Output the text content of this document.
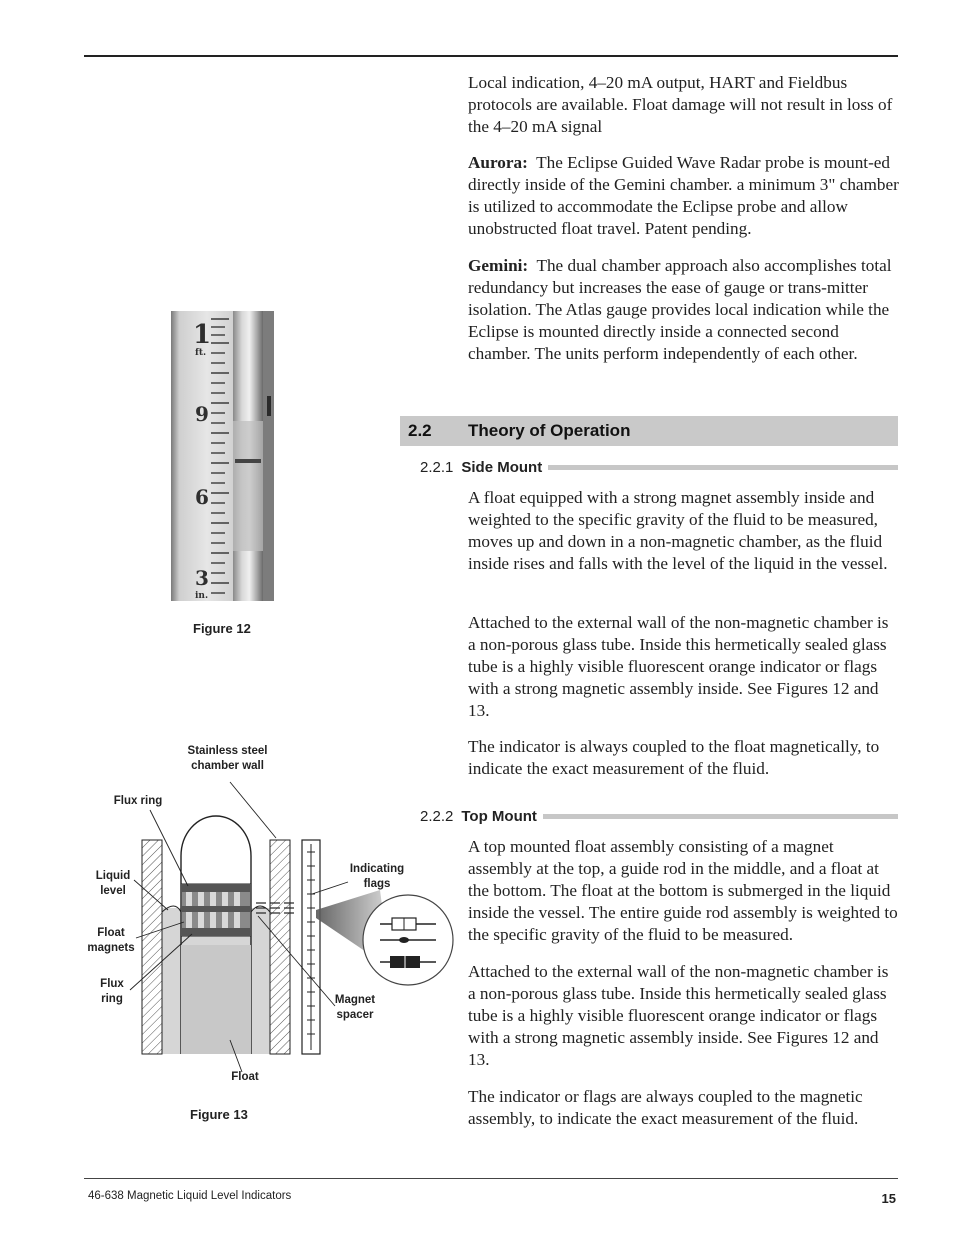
Local indication, 4–20 mA output, HART and Fieldbus protocols are available. Float damage will not result in loss of the 4–20 mA signal

Aurora: The Eclipse Guided Wave Radar probe is mount-ed directly inside of the Gemini chamber. a minimum 3" chamber is utilized to accommodate the Eclipse probe and allow unobstructed float travel. Patent pending.

Gemini: The dual chamber approach also accomplishes total redundancy but increases the ease of gauge or trans-mitter isolation. The Atlas gauge provides local indication while the Eclipse is mounted directly inside a connected second chamber. The units perform independently of each other.

2.2 Theory of Operation
2.2.1 Side Mount

A float equipped with a strong magnet assembly inside and weighted to the specific gravity of the fluid to be measured, moves up and down in a non-magnetic chamber, as the fluid inside rises and falls with the level of the liquid in the vessel.

Attached to the external wall of the non-magnetic chamber is a non-porous glass tube. Inside this hermetically sealed glass tube is a highly visible fluorescent orange indicator or flags with a strong magnetic assembly inside. See Figures 12 and 13.

The indicator is always coupled to the float magnetically, to indicate the exact measurement of the fluid.

2.2.2 Top Mount

A top mounted float assembly consisting of a magnet assembly at the top, a guide rod in the middle, and a float at the bottom. The float at the bottom is submerged in the liquid inside the vessel. The entire guide rod assembly is weighted to the specific gravity of the fluid to be measured.

Attached to the external wall of the non-magnetic chamber is a non-porous glass tube. Inside this hermetically sealed glass tube is a highly visible fluorescent orange indicator or flags with a strong magnetic assembly inside. See Figures 12 and 13.

The indicator or flags are always coupled to the magnetic assembly, to indicate the exact measurement of the fluid.

1
ft.
9
6
3
in.
Figure 12
Stainless steel
chamber wall
Flux ring
Liquid
level
Float
magnets
Flux
ring
Indicating
flags
Magnet
spacer
Float
Figure 13
46-638 Magnetic Liquid Level Indicators	15
